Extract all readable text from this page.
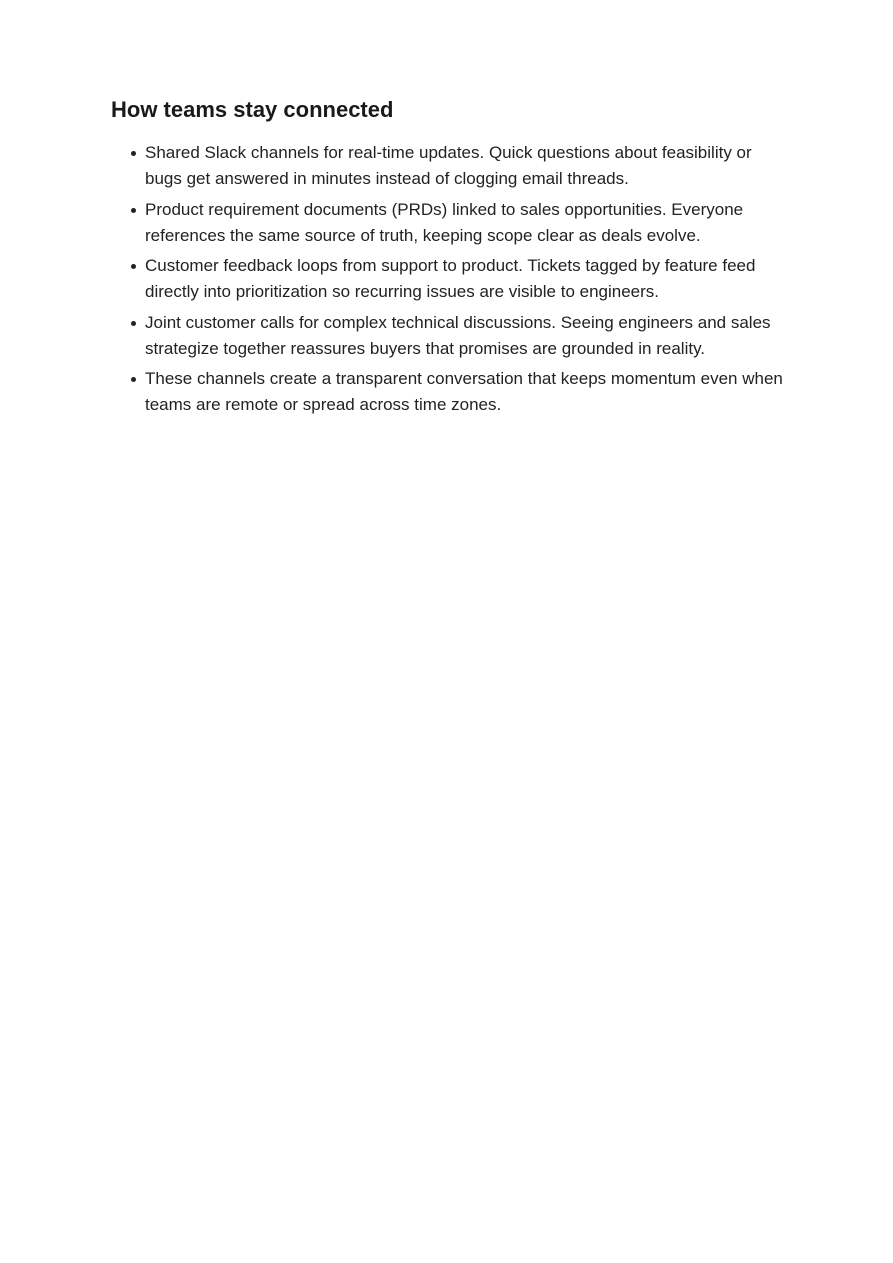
How teams stay connected
Shared Slack channels for real-time updates. Quick questions about feasibility or bugs get answered in minutes instead of clogging email threads.
Product requirement documents (PRDs) linked to sales opportunities. Everyone references the same source of truth, keeping scope clear as deals evolve.
Customer feedback loops from support to product. Tickets tagged by feature feed directly into prioritization so recurring issues are visible to engineers.
Joint customer calls for complex technical discussions. Seeing engineers and sales strategize together reassures buyers that promises are grounded in reality.
These channels create a transparent conversation that keeps momentum even when teams are remote or spread across time zones.
